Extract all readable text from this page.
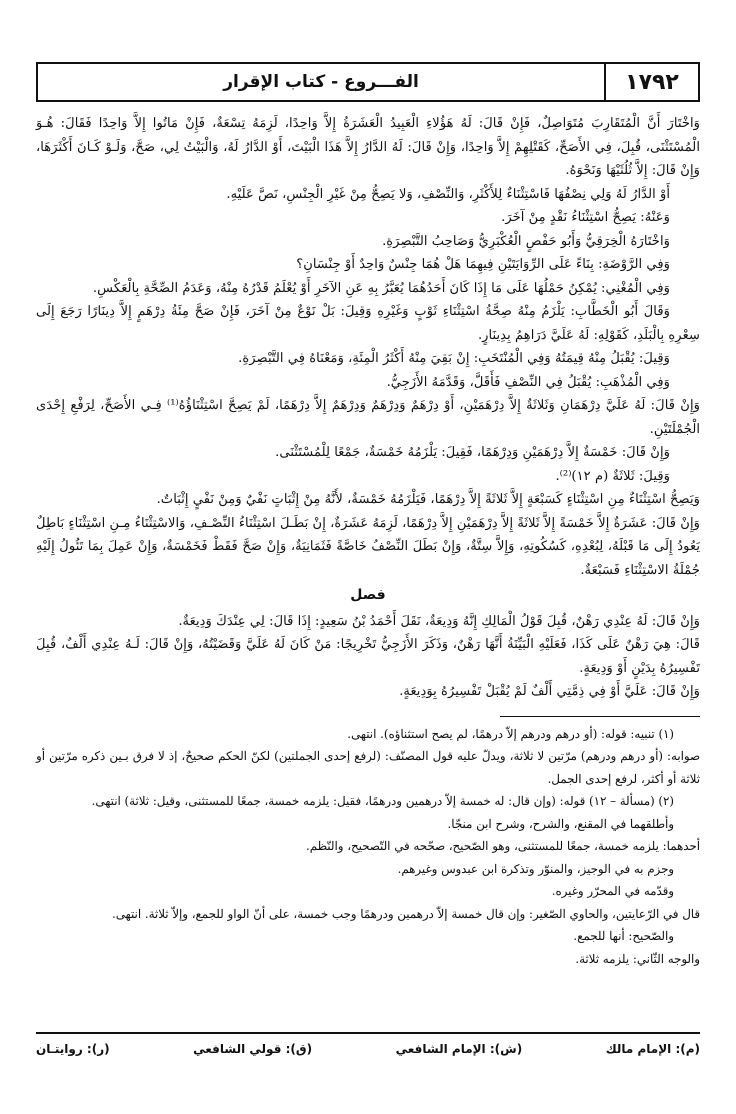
١٧٩٢
الفـــروع - كتاب الإقرار

وَاخْتَارَ أَنَّ الْمُتَقَارِبَ مُتَوَاصِلٌ، فَإِنْ قَالَ: لَهُ هَؤُلاءِ الْعَبِيدُ الْعَشَرَةُ إِلاَّ وَاحِدًا، لَزِمَهُ تِسْعَةٌ، فَإِنْ مَاتُوا إِلاَّ وَاحِدًا فَقَالَ: هُـوَ الْمُسْتَثْنَى، قُبِلَ، فِي الأَصَحِّ، كَقَتْلِهِمْ إِلاَّ وَاحِدًا، وَإِنْ قَالَ: لَهُ الدَّارُ إِلاَّ هَذَا الْبَيْتَ، أَوْ الدَّارُ لَهُ، وَالْبَيْتُ لِي، صَحَّ، وَلَـوْ كَـانَ أَكْثَرَهَا، وَإِنْ قَالَ: إِلاَّ ثُلُثَيْهَا وَنَحْوَهُ.

أَوْ الدَّارُ لَهُ وَلِي نِصْفُهَا فَاسْتِثْنَاءٌ لِلأَكْثَرِ، وَالنِّصْفِ، وَلا يَصِحُّ مِنْ غَيْرِ الْجِنْسِ، نَصَّ عَلَيْهِ.

وَعَنْهُ: يَصِحُّ اسْتِثْنَاءُ نَقْدٍ مِنْ آخَرَ.

وَاخْتَارَهُ الْخِرَقِيُّ وَأَبُو حَفْصٍ الْعُكْبَرِيُّ وَصَاحِبُ التَّبْصِرَةِ.

وَفِي الرَّوْضَةِ: بِنَاءً عَلَى الرِّوَايَتَيْنِ فِيهِمَا هَلْ هُمَا جِنْسٌ وَاحِدٌ أَوْ جِنْسَانِ؟

وَفِي الْمُغْنِي: يُمْكِنُ حَمْلُهَا عَلَى مَا إِذَا كَانَ أَحَدُهُمَا يُعَبَّرُ بِهِ عَنِ الآخَرِ أَوْ يُعْلَمُ قَدْرُهُ مِنْهُ، وَعَدَمُ الصِّحَّةِ بِالْعَكْسِ.

وَقَالَ أَبُو الْخَطَّابِ: يَلْزَمُ مِنْهُ صِحَّةُ اسْتِثْنَاءِ ثَوْبٍ وَغَيْرِهِ وَقِيلَ: بَلْ نَوْعٌ مِنْ آخَرَ، فَإِنْ صَحَّ مِئَةُ دِرْهَمٍ إِلاَّ دِينَارًا رَجَعَ إِلَى سِعْرِهِ بِالْبَلَدِ، كَقَوْلِهِ: لَهُ عَلَيَّ دَرَاهِمُ بِدِينَارٍ.

وَقِيلَ: يُقْبَلُ مِنْهُ قِيمَتُهُ وَفِي الْمُنْتَخَبِ: إِنْ بَقِيَ مِنْهُ أَكْثَرُ الْمِئَةِ، وَمَعْنَاهُ فِي التَّبْصِرَةِ.

وَفِي الْمُذْهَبِ: يُقْبَلُ فِي النِّصْفِ فَأَقَلَّ، وَقَدَّمَهُ الأَزَجِيُّ.

وَإِنْ قَالَ: لَهُ عَلَيَّ دِرْهَمَانِ وَثَلاثَةٌ إِلاَّ دِرْهَمَيْنِ، أَوْ دِرْهَمٌ وَدِرْهَمٌ وَدِرْهَمٌ إِلاَّ دِرْهَمًا، لَمْ يَصِحَّ اسْتِثْنَاؤُهُ⁽¹⁾ فِـي الأَصَحِّ، لِرَفْعِ إِحْدَى الْجُمْلَتَيْنِ.

وَإِنْ قَالَ: خَمْسَةٌ إِلاَّ دِرْهَمَيْنِ وَدِرْهَمًا، فَقِيلَ: يَلْزَمُهُ خَمْسَةٌ، جَمْعًا لِلْمُسْتَثْنَى.

وَقِيلَ: ثَلاثَةٌ (م ١٢)⁽²⁾.

وَيَصِحُّ اسْتِثْنَاءٌ مِنِ اسْتِثْنَاءٍ كَسَبْعَةٍ إِلاَّ ثَلاثَةً إِلاَّ دِرْهَمًا، فَيَلْزَمُهُ خَمْسَةٌ، لأَنَّهُ مِنْ إِثْبَاتٍ نَفْيٌ وَمِنْ نَفْيٍ إِثْبَاتٌ.

وَإِنْ قَالَ: عَشَرَةٌ إِلاَّ خَمْسَةً إِلاَّ ثَلاثَةً إِلاَّ دِرْهَمَيْنِ إِلاَّ دِرْهَمًا، لَزِمَهُ عَشَرَةٌ، إِنْ بَطَـلَ اسْتِثْنَاءُ النِّصْـفِ، وَالاسْتِثْنَاءُ مِـنِ اسْتِثْنَاءٍ بَاطِلٌ يَعُودُ إِلَى مَا قَبْلَهُ، لِبُعْدِهِ، كَسُكُوتِهِ، وَإِلاَّ سِتَّةٌ، وَإِنْ بَطَلَ النِّصْفُ خَاصَّةً فَثَمَانِيَةٌ، وَإِنْ صَحَّ فَقَطْ فَخَمْسَةٌ، وَإِنْ عَمِلَ بِمَا تَئُولُ إِلَيْهِ جُمْلَةُ الاسْتِثْنَاءِ فَسَبْعَةٌ.

فصل

وَإِنْ قَالَ: لَهُ عِنْدِي رَهْنٌ، قُبِلَ قَوْلُ الْمَالِكِ إِنَّهُ وَدِيعَةٌ، نَقَلَ أَحْمَدُ بْنُ سَعِيدٍ: إِذَا قَالَ: لِي عِنْدَكَ وَدِيعَةٌ.

قَالَ: هِيَ رَهْنٌ عَلَى كَذَا، فَعَلَيْهِ الْبَيِّنَةُ أَنَّهَا رَهْنٌ، وَذَكَرَ الأَزَجِيُّ تَخْرِيجًا: مَنْ كَانَ لَهُ عَلَيَّ وَقَضَيْتُهُ، وَإِنْ قَالَ: لَـهُ عِنْدِي أَلْفٌ، قُبِلَ تَفْسِيرُهُ بِدَيْنٍ أَوْ وَدِيعَةٍ.

وَإِنْ قَالَ: عَلَيَّ أَوْ فِي ذِمَّتِي أَلْفٌ لَمْ يُقْبَلْ تَفْسِيرُهُ بِوَدِيعَةٍ.

(١) تنبيه: قوله: (أو درهم ودرهم إلاّ درهمًا، لم يصح استثناؤه). انتهى.

صوابه: (أو درهم ودرهم) مرّتين لا ثلاثة، ويدلّ عليه قول المصنّف: (لرفع إحدى الجملتين) لكنّ الحكم صحيحٌ، إذ لا فرق بـين ذكره مرّتين أو ثلاثة أو أكثر، لرفع إحدى الجمل.

(٢) (مسألة – ١٢) قوله: (وإن قال: له خمسة إلاّ درهمين ودرهمًا، فقيل: يلزمه خمسة، جمعًا للمستثنى، وقيل: ثلاثة) انتهى.

وأطلقهما في المقنع، والشرح، وشرح ابن منجّا.

أحدهما: يلزمه خمسة، جمعًا للمستثنى، وهو الصّحيح، صحّحه في التّصحيح، والنّظم.

وجزم به في الوجيز، والمنوّر وتذكرة ابن عبدوس وغيرهم.

وقدّمه في المحرّر وغيره.

قال في الرّعايتين، والحاوي الصّغير: وإن قال خمسة إلاّ درهمين ودرهمًا وجب خمسة، على أنّ الواو للجمع، وإلاّ ثلاثة. انتهى.

والصّحيح: أنها للجمع.

والوجه الثّاني: يلزمه ثلاثة.

(م): الإمام مالك
(ش): الإمام الشافعي
(ق): قولي الشافعي
(ر): روايتـان
